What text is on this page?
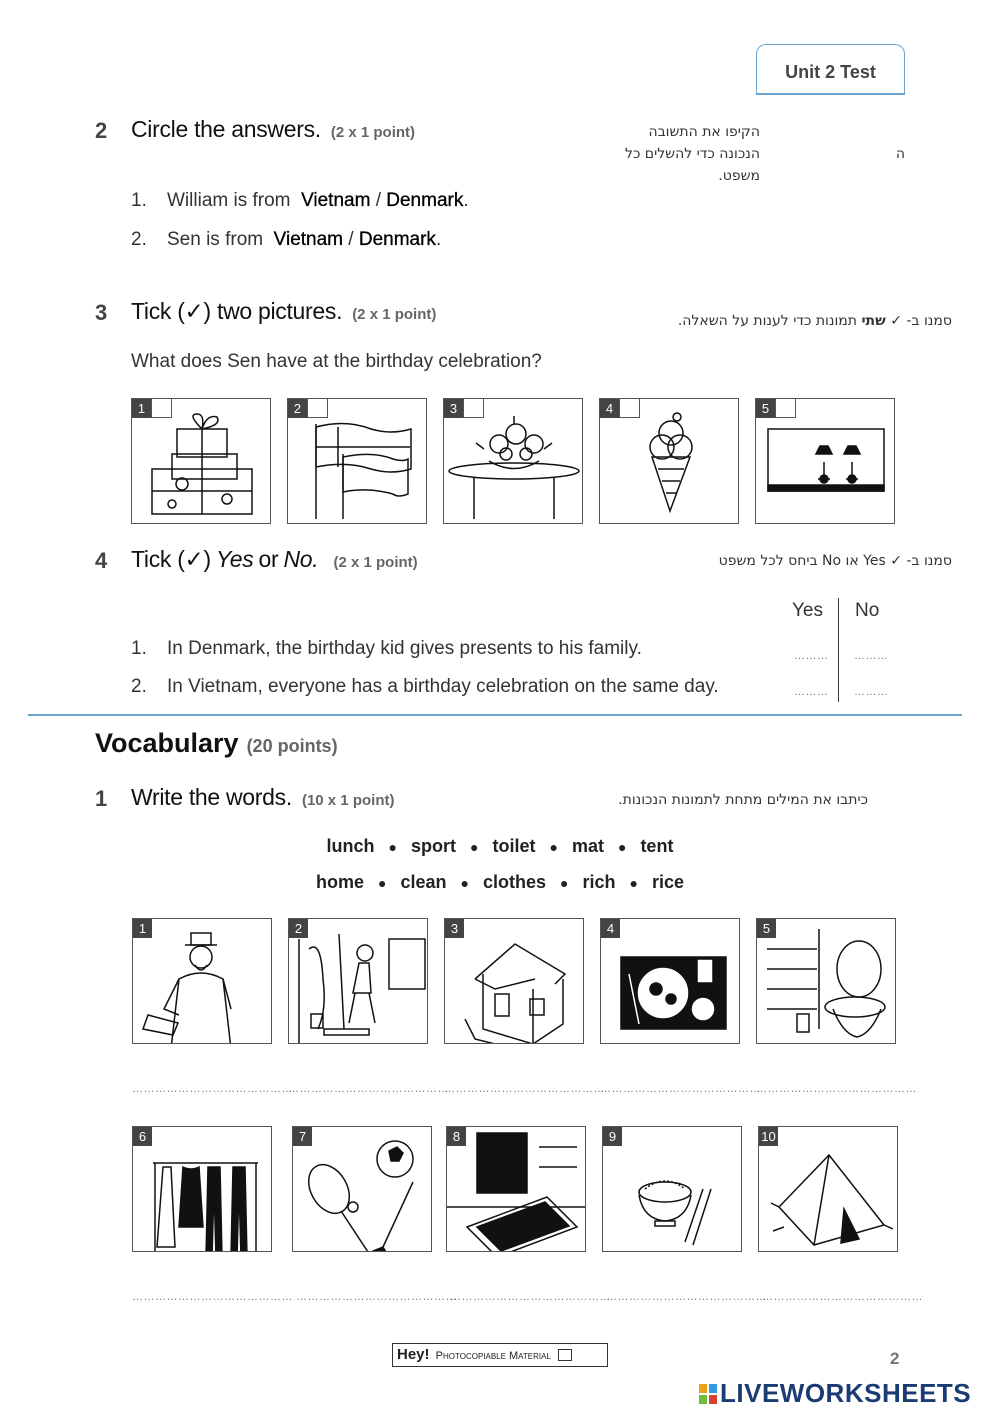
Unit 2 Test
2 Circle the answers. (2 x 1 point)	הקיפו את התשובה
הנכונה כדי להשלים כל
משפט.
ה
1. William is from Vietnam / Denmark.
2. Sen is from Vietnam / Denmark.
3 Tick (✓) two pictures. (2 x 1 point)	סמנו ב- ✓ שתי תמונות כדי לענות על השאלה.
What does Sen have at the birthday celebration?
1	2	3	4	5
4 Tick (✓) Yes or No. (2 x 1 point)	סמנו ב- ✓ Yes או No ביחס לכל משפט
Yes No
1. In Denmark, the birthday kid gives presents to his family.	……… ………
2. In Vietnam, everyone has a birthday celebration on the same day.	……… ………
Vocabulary (20 points)
1 Write the words. (10 x 1 point)	כיתבו את המילים מתחת לתמונות הנכונות.
lunch ● sport ● toilet ● mat ● tent
home ● clean ● clothes ● rich ● rice
1	2	3	4	5
……………………………………
……………………………………
……………………………………
……………………………………
……………………………………
6	7	8	9	10
…………………………………… ……………………………………
……………………………………
……………………………………
……………………………………
Hey! Photocopiable Material	2
LIVEWORKSHEETS
